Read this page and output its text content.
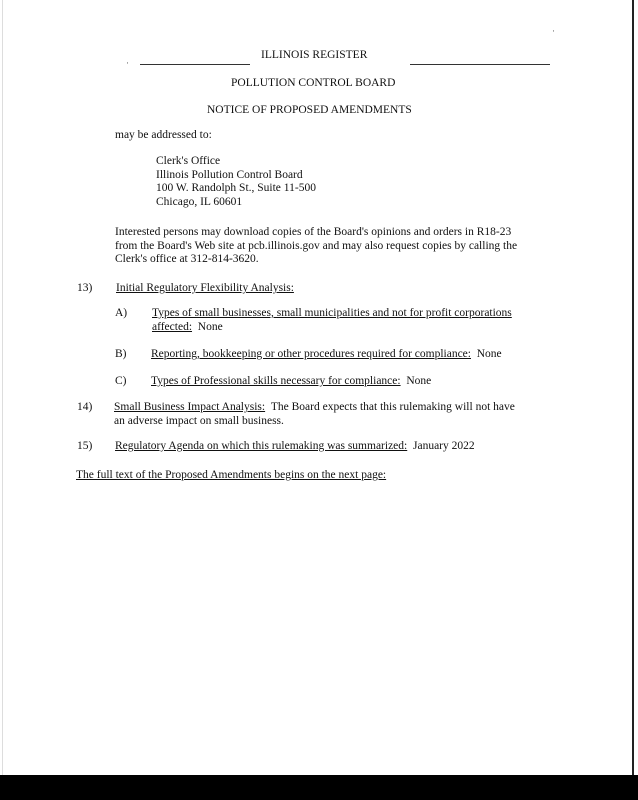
ILLINOIS REGISTER
·
·
POLLUTION CONTROL BOARD
NOTICE OF PROPOSED AMENDMENTS
may be addressed to:
Clerk's Office
Illinois Pollution Control Board
100 W. Randolph St., Suite 11-500
Chicago, IL 60601
Interested persons may download copies of the Board's opinions and orders in R18-23
from the Board's Web site at pcb.illinois.gov and may also request copies by calling the
Clerk's office at 312-814-3620.
13) Initial Regulatory Flexibility Analysis:
A) Types of small businesses, small municipalities and not for profit corporations
affected: None
B) Reporting, bookkeeping or other procedures required for compliance: None
C) Types of Professional skills necessary for compliance: None
14) Small Business Impact Analysis: The Board expects that this rulemaking will not have
an adverse impact on small business.
15) Regulatory Agenda on which this rulemaking was summarized: January 2022
The full text of the Proposed Amendments begins on the next page:
